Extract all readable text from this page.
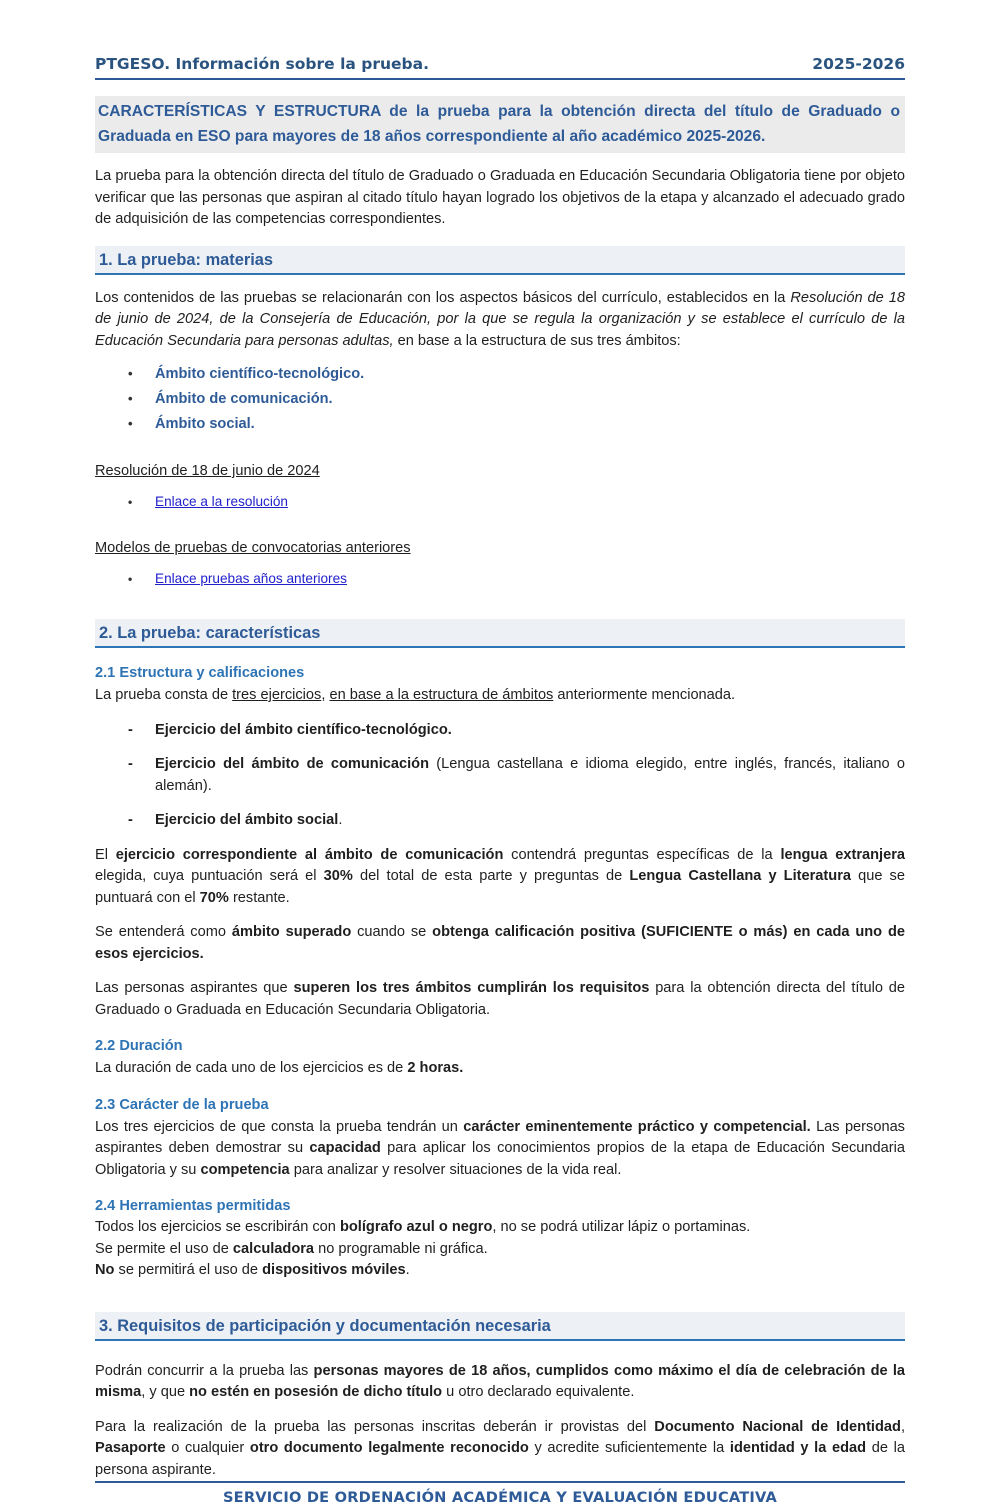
PTGESO. Información sobre la prueba.	2025-2026
CARACTERÍSTICAS Y ESTRUCTURA de la prueba para la obtención directa del título de Graduado o Graduada en ESO para mayores de 18 años correspondiente al año académico 2025-2026.

La prueba para la obtención directa del título de Graduado o Graduada en Educación Secundaria Obligatoria tiene por objeto verificar que las personas que aspiran al citado título hayan logrado los objetivos de la etapa y alcanzado el adecuado grado de adquisición de las competencias correspondientes.

1. La prueba: materias

Los contenidos de las pruebas se relacionarán con los aspectos básicos del currículo, establecidos en la Resolución de 18 de junio de 2024, de la Consejería de Educación, por la que se regula la organización y se establece el currículo de la Educación Secundaria para personas adultas, en base a la estructura de sus tres ámbitos:

• Ámbito científico-tecnológico.
• Ámbito de comunicación.
• Ámbito social.
Resolución de 18 de junio de 2024
• Enlace a la resolución
Modelos de pruebas de convocatorias anteriores
• Enlace pruebas años anteriores
2. La prueba: características
2.1 Estructura y calificaciones

La prueba consta de tres ejercicios, en base a la estructura de ámbitos anteriormente mencionada.

- Ejercicio del ámbito científico-tecnológico.
- Ejercicio del ámbito de comunicación (Lengua castellana e idioma elegido, entre inglés, francés, italiano o alemán).
- Ejercicio del ámbito social.

El ejercicio correspondiente al ámbito de comunicación contendrá preguntas específicas de la lengua extranjera elegida, cuya puntuación será el 30% del total de esta parte y preguntas de Lengua Castellana y Literatura que se puntuará con el 70% restante.

Se entenderá como ámbito superado cuando se obtenga calificación positiva (SUFICIENTE o más) en cada uno de esos ejercicios.

Las personas aspirantes que superen los tres ámbitos cumplirán los requisitos para la obtención directa del título de Graduado o Graduada en Educación Secundaria Obligatoria.

2.2 Duración

La duración de cada uno de los ejercicios es de 2 horas.

2.3 Carácter de la prueba

Los tres ejercicios de que consta la prueba tendrán un carácter eminentemente práctico y competencial. Las personas aspirantes deben demostrar su capacidad para aplicar los conocimientos propios de la etapa de Educación Secundaria Obligatoria y su competencia para analizar y resolver situaciones de la vida real.

2.4 Herramientas permitidas
Todos los ejercicios se escribirán con bolígrafo azul o negro, no se podrá utilizar lápiz o portaminas.
Se permite el uso de calculadora no programable ni gráfica.
No se permitirá el uso de dispositivos móviles.
3. Requisitos de participación y documentación necesaria

Podrán concurrir a la prueba las personas mayores de 18 años, cumplidos como máximo el día de celebración de la misma, y que no estén en posesión de dicho título u otro declarado equivalente.

Para la realización de la prueba las personas inscritas deberán ir provistas del Documento Nacional de Identidad, Pasaporte o cualquier otro documento legalmente reconocido y acredite suficientemente la identidad y la edad de la persona aspirante.

SERVICIO DE ORDENACIÓN ACADÉMICA Y EVALUACIÓN EDUCATIVA
